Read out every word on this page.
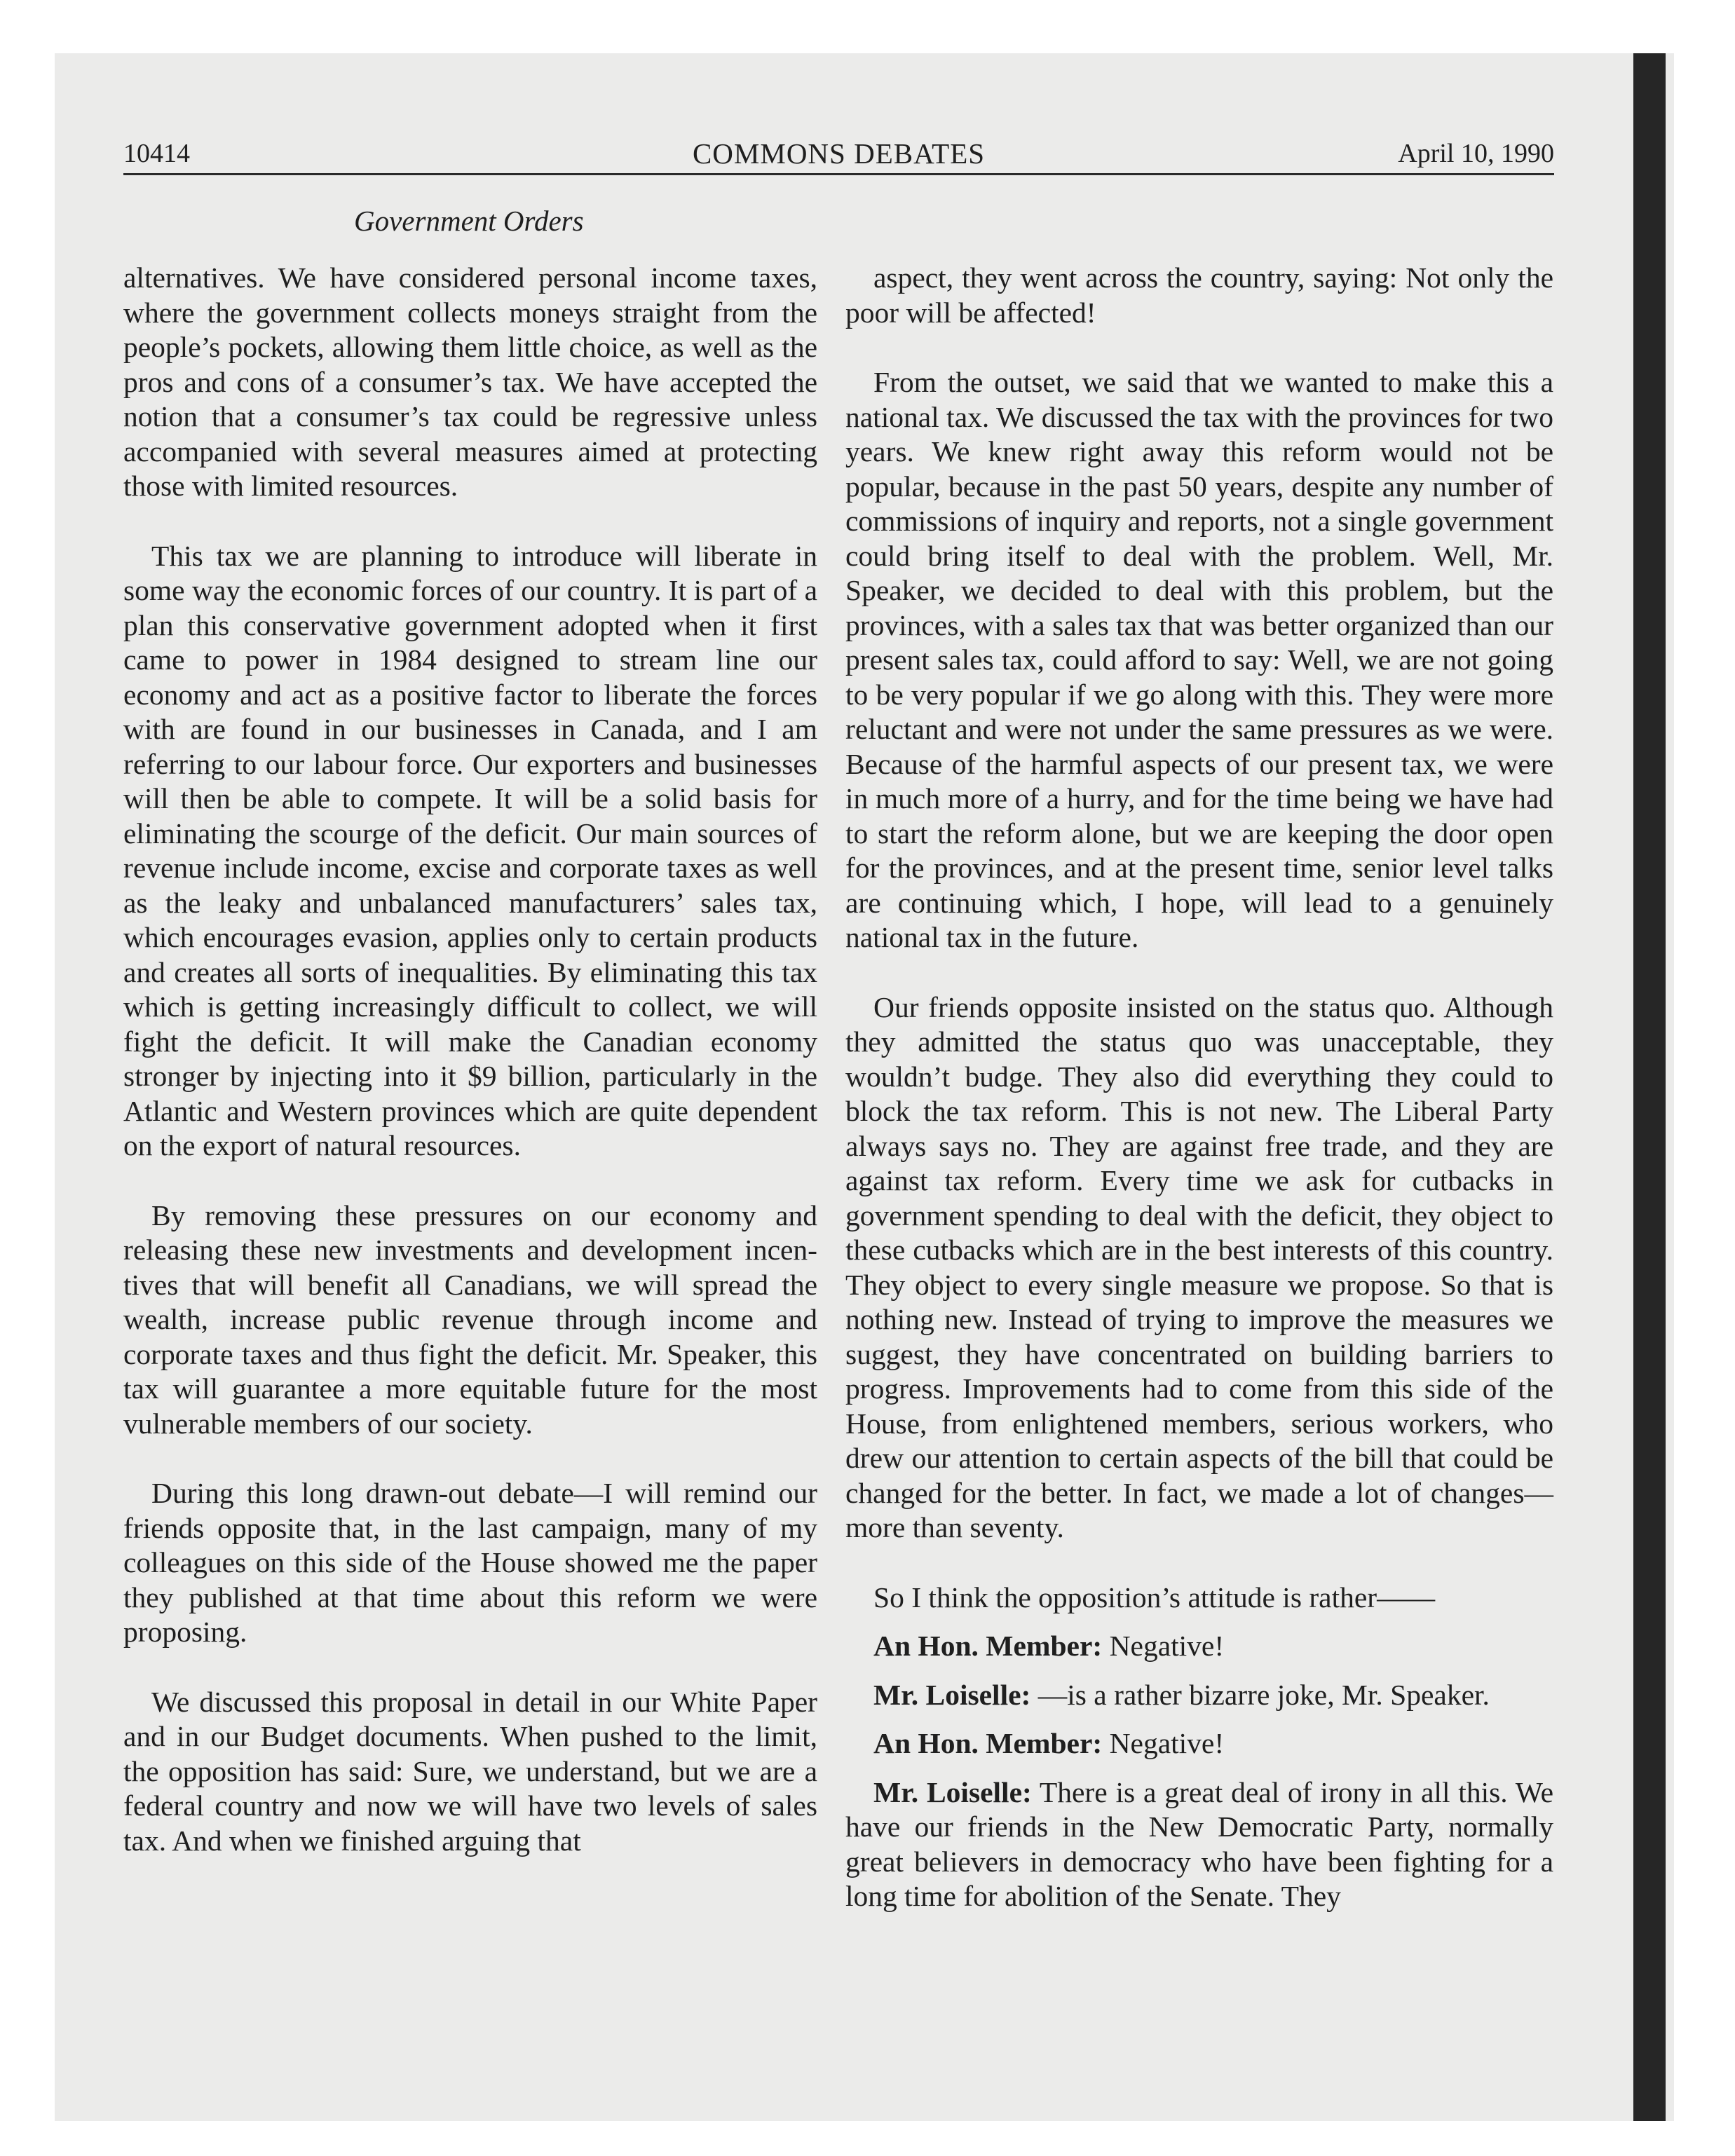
10414	COMMONS DEBATES	April 10, 1990
Government Orders

alternatives. We have considered personal income taxes, where the government collects moneys straight from the people’s pockets, allowing them little choice, as well as the pros and cons of a consumer’s tax. We have accepted the notion that a consumer’s tax could be regressive unless accompanied with several measures aimed at protecting those with limited resources.

This tax we are planning to introduce will liberate in some way the economic forces of our country. It is part of a plan this conservative government adopted when it first came to power in 1984 designed to stream line our economy and act as a positive factor to liberate the forces with are found in our businesses in Canada, and I am referring to our labour force. Our exporters and businesses will then be able to compete. It will be a solid basis for eliminating the scourge of the deficit. Our main sources of revenue include income, excise and corporate taxes as well as the leaky and unbalanced manufacturers’ sales tax, which encourages evasion, applies only to certain products and creates all sorts of inequalities. By eliminating this tax which is getting increasingly difficult to collect, we will fight the deficit. It will make the Canadian economy stronger by injecting into it $9 billion, particularly in the Atlantic and Western provinces which are quite dependent on the export of natural resources.

By removing these pressures on our economy and releasing these new investments and development incentives that will benefit all Canadians, we will spread the wealth, increase public revenue through income and corporate taxes and thus fight the deficit. Mr. Speaker, this tax will guarantee a more equitable future for the most vulnerable members of our society.

During this long drawn-out debate—I will remind our friends opposite that, in the last campaign, many of my colleagues on this side of the House showed me the paper they published at that time about this reform we were proposing.

We discussed this proposal in detail in our White Paper and in our Budget documents. When pushed to the limit, the opposition has said: Sure, we understand, but we are a federal country and now we will have two levels of sales tax. And when we finished arguing that

aspect, they went across the country, saying: Not only the poor will be affected!

From the outset, we said that we wanted to make this a national tax. We discussed the tax with the provinces for two years. We knew right away this reform would not be popular, because in the past 50 years, despite any number of commissions of inquiry and reports, not a single government could bring itself to deal with the problem. Well, Mr. Speaker, we decided to deal with this problem, but the provinces, with a sales tax that was better organized than our present sales tax, could afford to say: Well, we are not going to be very popular if we go along with this. They were more reluctant and were not under the same pressures as we were. Because of the harmful aspects of our present tax, we were in much more of a hurry, and for the time being we have had to start the reform alone, but we are keeping the door open for the provinces, and at the present time, senior level talks are continuing which, I hope, will lead to a genuinely national tax in the future.

Our friends opposite insisted on the status quo. Although they admitted the status quo was unacceptable, they wouldn’t budge. They also did everything they could to block the tax reform. This is not new. The Liberal Party always says no. They are against free trade, and they are against tax reform. Every time we ask for cutbacks in government spending to deal with the deficit, they object to these cutbacks which are in the best interests of this country. They object to every single measure we propose. So that is nothing new. Instead of trying to improve the measures we suggest, they have concentrated on building barriers to progress. Improvements had to come from this side of the House, from enlightened members, serious workers, who drew our attention to certain aspects of the bill that could be changed for the better. In fact, we made a lot of changes—more than seventy.

So I think the opposition’s attitude is rather——

An Hon. Member: Negative!

Mr. Loiselle: —is a rather bizarre joke, Mr. Speaker.

An Hon. Member: Negative!

Mr. Loiselle: There is a great deal of irony in all this. We have our friends in the New Democratic Party, normally great believers in democracy who have been fighting for a long time for abolition of the Senate. They
